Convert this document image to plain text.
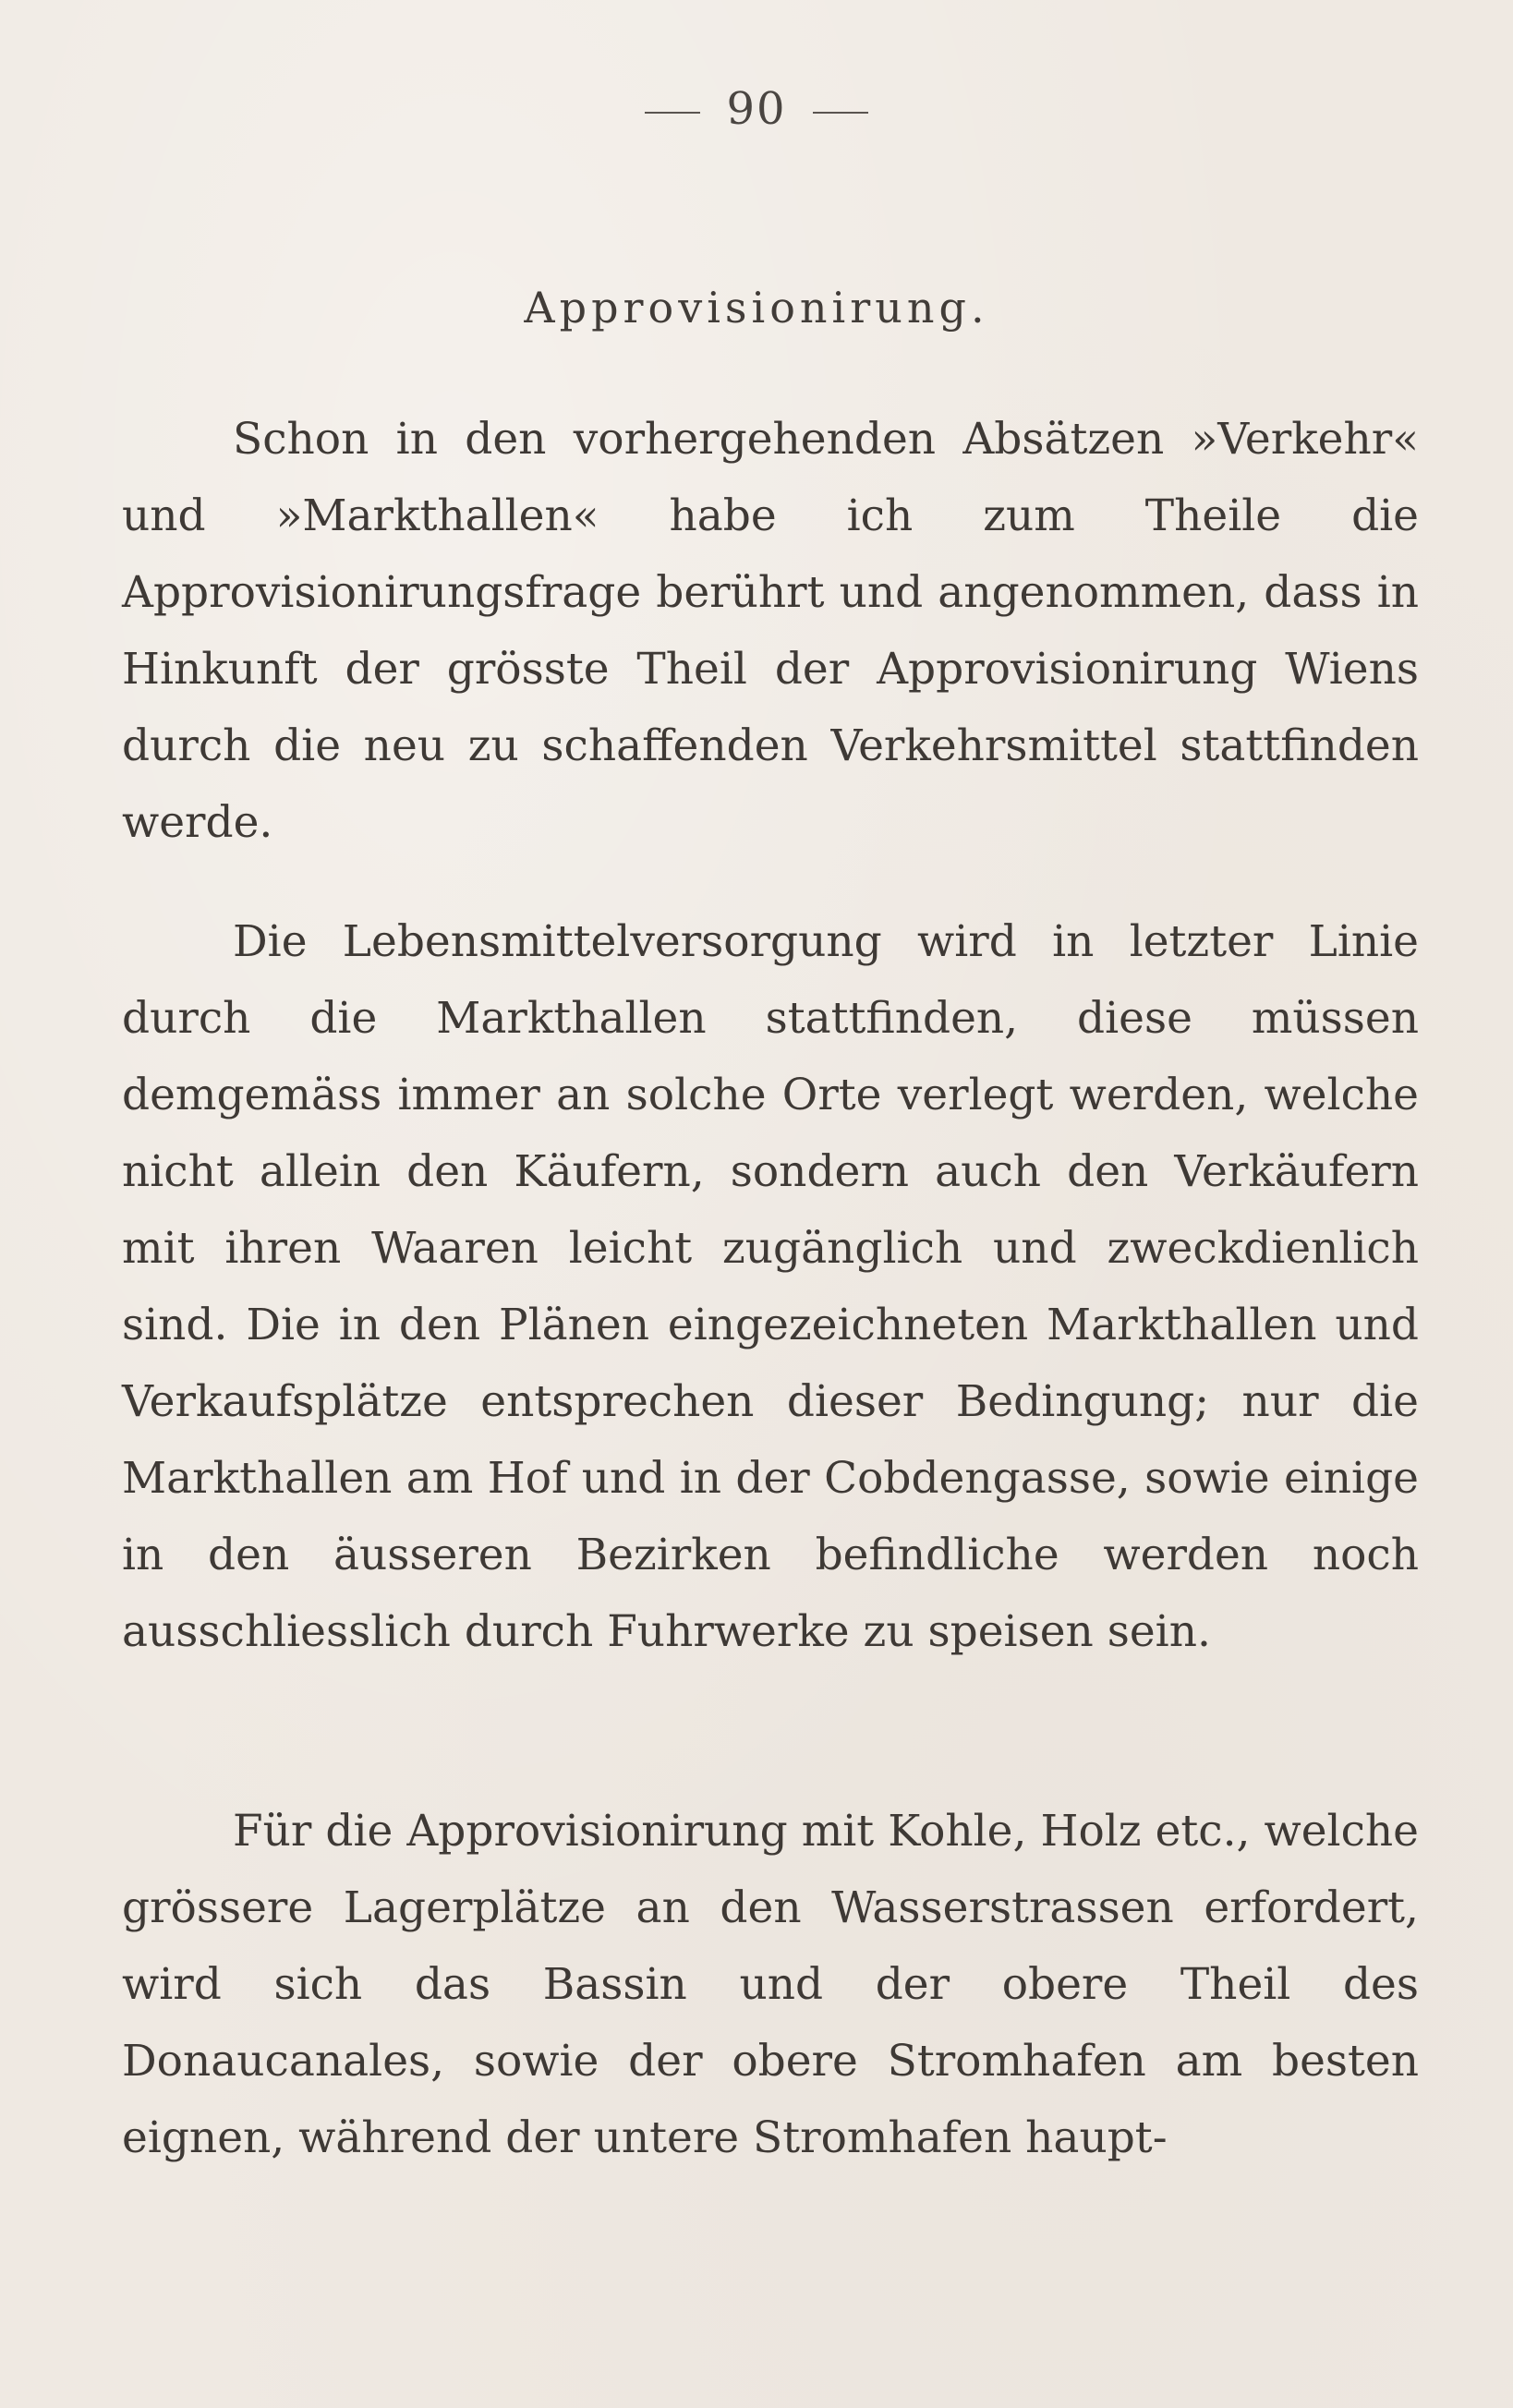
90
Approvisionirung.

Schon in den vorhergehenden Absätzen »Verkehr« und »Markthallen« habe ich zum Theile die Approvisionirungsfrage berührt und angenommen, dass in Hinkunft der grösste Theil der Approvisionirung Wiens durch die neu zu schaffenden Verkehrsmittel stattfinden werde.

Die Lebensmittelversorgung wird in letzter Linie durch die Markthallen stattfinden, diese müssen demgemäss immer an solche Orte verlegt werden, welche nicht allein den Käufern, sondern auch den Verkäufern mit ihren Waaren leicht zugänglich und zweckdienlich sind. Die in den Plänen eingezeichneten Markthallen und Verkaufsplätze entsprechen dieser Bedingung; nur die Markthallen am Hof und in der Cobdengasse, sowie einige in den äusseren Bezirken befindliche werden noch ausschliesslich durch Fuhrwerke zu speisen sein.

Für die Approvisionirung mit Kohle, Holz etc., welche grössere Lagerplätze an den Wasserstrassen erfordert, wird sich das Bassin und der obere Theil des Donaucanales, sowie der obere Stromhafen am besten eignen, während der untere Stromhafen haupt-
